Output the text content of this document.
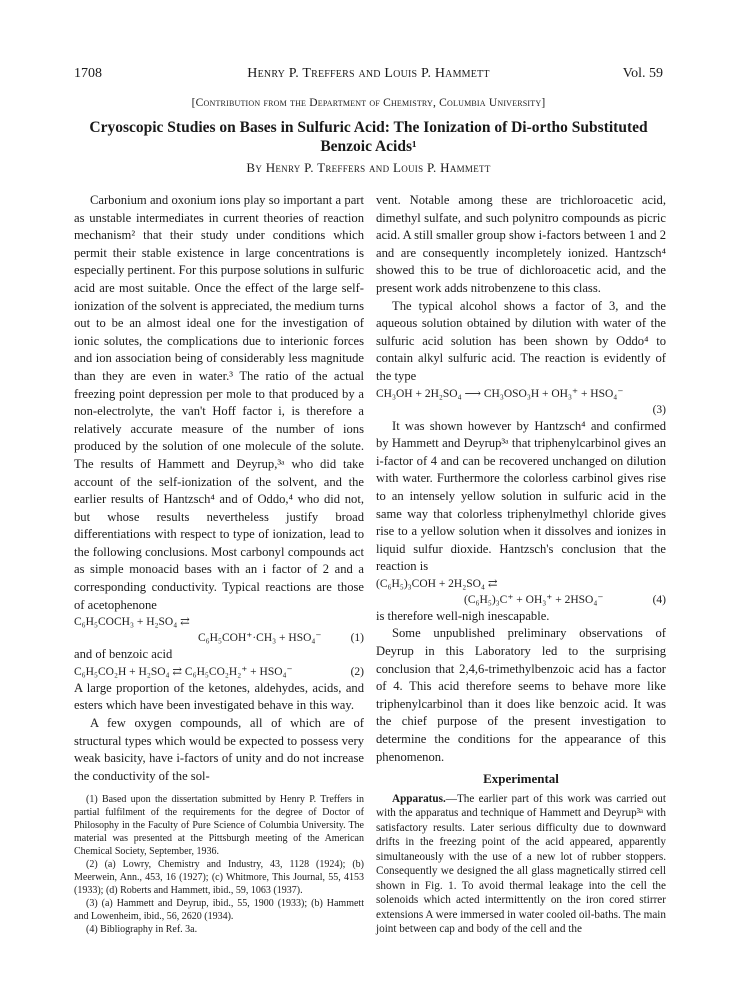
1708	Henry P. Treffers and Louis P. Hammett	Vol. 59
[Contribution from the Department of Chemistry, Columbia University]
Cryoscopic Studies on Bases in Sulfuric Acid: The Ionization of Di-ortho Substituted Benzoic Acids¹
By Henry P. Treffers and Louis P. Hammett

Carbonium and oxonium ions play so important a part as unstable intermediates in current theories of reaction mechanism² that their study under conditions which permit their stable existence in large concentrations is especially pertinent. For this purpose solutions in sulfuric acid are most suitable. Once the effect of the large self-ionization of the solvent is appreciated, the medium turns out to be an almost ideal one for the investigation of ionic solutes, the complications due to interionic forces and ion association being of considerably less magnitude than they are even in water.³ The ratio of the actual freezing point depression per mole to that produced by a non-electrolyte, the van't Hoff factor i, is therefore a relatively accurate measure of the number of ions produced by the solution of one molecule of the solute. The results of Hammett and Deyrup,³ᵃ who did take account of the self-ionization of the solvent, and the earlier results of Hantzsch⁴ and of Oddo,⁴ who did not, but whose results nevertheless justify broad differentiations with respect to type of ionization, lead to the following conclusions. Most carbonyl compounds act as simple monoacid bases with an i factor of 2 and a corresponding conductivity. Typical reactions are those of acetophenone

C₆H₅COCH₃ + H₂SO₄ ⇄
C₆H₅COH⁺·CH₃ + HSO₄⁻	(1)

and of benzoic acid

C₆H₅CO₂H + H₂SO₄ ⇄ C₆H₅CO₂H₂⁺ + HSO₄⁻	(2)

A large proportion of the ketones, aldehydes, acids, and esters which have been investigated behave in this way.

A few oxygen compounds, all of which are of structural types which would be expected to possess very weak basicity, have i-factors of unity and do not increase the conductivity of the sol-

(1) Based upon the dissertation submitted by Henry P. Treffers in partial fulfilment of the requirements for the degree of Doctor of Philosophy in the Faculty of Pure Science of Columbia University. The material was presented at the Pittsburgh meeting of the American Chemical Society, September, 1936.

(2) (a) Lowry, Chemistry and Industry, 43, 1128 (1924); (b) Meerwein, Ann., 453, 16 (1927); (c) Whitmore, This Journal, 55, 4153 (1933); (d) Roberts and Hammett, ibid., 59, 1063 (1937).

(3) (a) Hammett and Deyrup, ibid., 55, 1900 (1933); (b) Hammett and Lowenheim, ibid., 56, 2620 (1934).

(4) Bibliography in Ref. 3a.

vent. Notable among these are trichloroacetic acid, dimethyl sulfate, and such polynitro compounds as picric acid. A still smaller group show i-factors between 1 and 2 and are consequently incompletely ionized. Hantzsch⁴ showed this to be true of dichloroacetic acid, and the present work adds nitrobenzene to this class.

The typical alcohol shows a factor of 3, and the aqueous solution obtained by dilution with water of the sulfuric acid solution has been shown by Oddo⁴ to contain alkyl sulfuric acid. The reaction is evidently of the type

CH₃OH + 2H₂SO₄ ⟶ CH₃OSO₃H + OH₃⁺ + HSO₄⁻
(3)

It was shown however by Hantzsch⁴ and confirmed by Hammett and Deyrup³ᵃ that triphenylcarbinol gives an i-factor of 4 and can be recovered unchanged on dilution with water. Furthermore the colorless carbinol gives rise to an intensely yellow solution in sulfuric acid in the same way that colorless triphenylmethyl chloride gives rise to a yellow solution when it dissolves and ionizes in liquid sulfur dioxide. Hantzsch's conclusion that the reaction is

(C₆H₅)₃COH + 2H₂SO₄ ⇄
(C₆H₅)₃C⁺ + OH₃⁺ + 2HSO₄⁻	(4)

is therefore well-nigh inescapable.

Some unpublished preliminary observations of Deyrup in this Laboratory led to the surprising conclusion that 2,4,6-trimethylbenzoic acid has a factor of 4. This acid therefore seems to behave more like triphenylcarbinol than it does like benzoic acid. It was the chief purpose of the present investigation to determine the conditions for the appearance of this phenomenon.

Experimental

Apparatus.—The earlier part of this work was carried out with the apparatus and technique of Hammett and Deyrup³ᵃ with satisfactory results. Later serious difficulty due to downward drifts in the freezing point of the acid appeared, apparently simultaneously with the use of a new lot of rubber stoppers. Consequently we designed the all glass magnetically stirred cell shown in Fig. 1. To avoid thermal leakage into the cell the solenoids which acted intermittently on the iron cored stirrer extensions A were immersed in water cooled oil-baths. The main joint between cap and body of the cell and the
